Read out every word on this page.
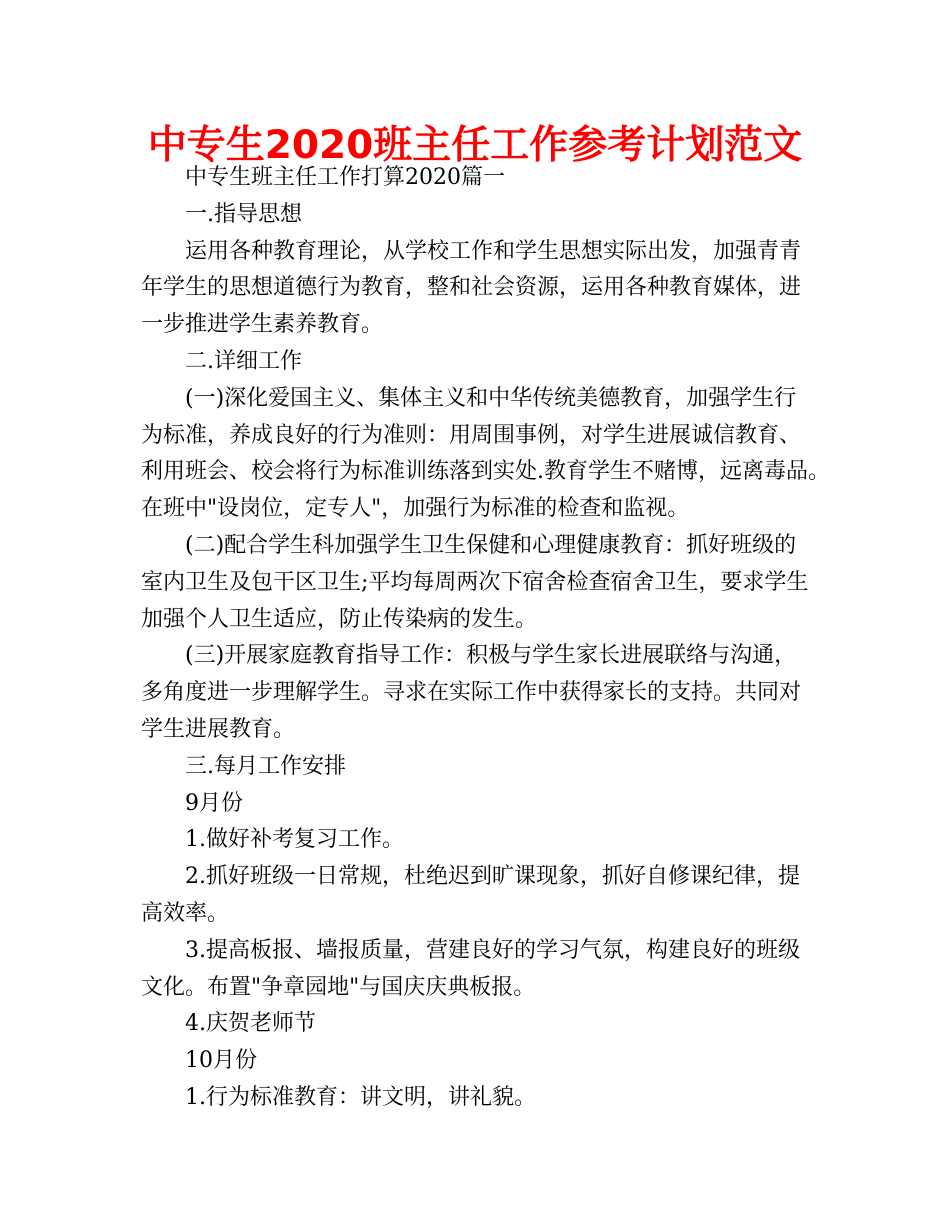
中专生2020班主任工作参考计划范文

中专生班主任工作打算2020篇一

一.指导思想

运用各种教育理论，从学校工作和学生思想实际出发，加强青青
年学生的思想道德行为教育，整和社会资源，运用各种教育媒体，进
一步推进学生素养教育。

二.详细工作

(一)深化爱国主义、集体主义和中华传统美德教育，加强学生行
为标准，养成良好的行为准则：用周围事例，对学生进展诚信教育、
利用班会、校会将行为标准训练落到实处.教育学生不赌博，远离毒品。
在班中"设岗位，定专人"，加强行为标准的检查和监视。

(二)配合学生科加强学生卫生保健和心理健康教育：抓好班级的
室内卫生及包干区卫生;平均每周两次下宿舍检查宿舍卫生，要求学生
加强个人卫生适应，防止传染病的发生。

(三)开展家庭教育指导工作：积极与学生家长进展联络与沟通，
多角度进一步理解学生。寻求在实际工作中获得家长的支持。共同对
学生进展教育。

三.每月工作安排

9月份

1.做好补考复习工作。

2.抓好班级一日常规，杜绝迟到旷课现象，抓好自修课纪律，提
高效率。

3.提高板报、墙报质量，营建良好的学习气氛，构建良好的班级
文化。布置"争章园地"与国庆庆典板报。

4.庆贺老师节

10月份

1.行为标准教育：讲文明，讲礼貌。
